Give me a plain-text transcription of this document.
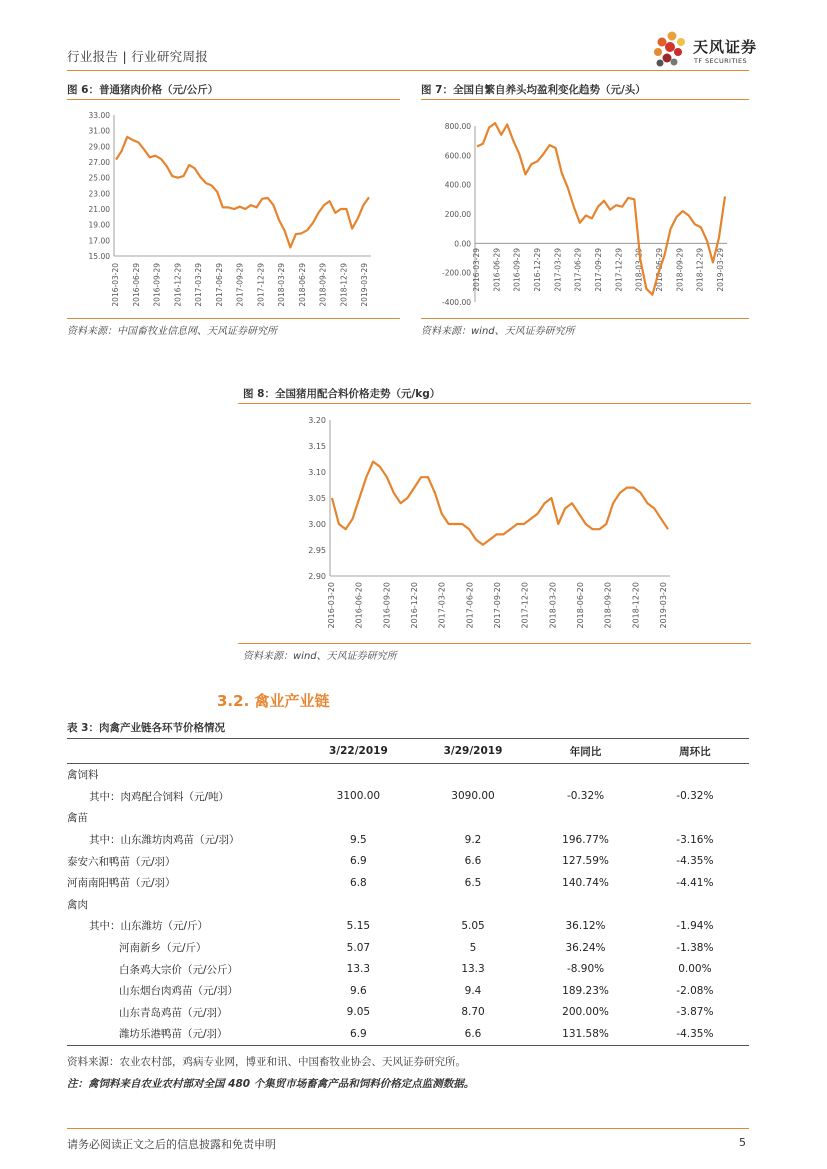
行业报告 | 行业研究周报
天风证券
TF SECURITIES
图 6：普通猪肉价格（元/公斤）
33.00
31.00
29.00
27.00
25.00
23.00
21.00
19.00
17.00
15.00
2016-03-20 2016-06-29 2016-09-29 2016-12-29 2017-03-29 2017-06-29 2017-09-29 2017-12-29 2018-03-29 2018-06-29 2018-09-29 2018-12-29 2019-03-29
资料来源：中国畜牧业信息网、天风证券研究所
图 7：全国自繁自养头均盈利变化趋势（元/头）
800.00
600.00
400.00
200.00
0.00
-200.00
-400.00
2016-03-29 2016-06-29 2016-09-29 2016-12-29 2017-03-29 2017-06-29 2017-09-29 2017-12-29 2018-03-29 2018-06-29 2018-09-29 2018-12-29 2019-03-29
资料来源：wind、天风证券研究所
图 8：全国猪用配合料价格走势（元/kg）
3.20
3.15
3.10
3.05
3.00
2.95
2.90
2016-03-20 2016-06-20 2016-09-20 2016-12-20 2017-03-20 2017-06-20 2017-09-20 2017-12-20 2018-03-20 2018-06-20 2018-09-20 2018-12-20 2019-03-20
资料来源：wind、天风证券研究所
3.2. 禽业产业链
表 3：肉禽产业链各环节价格情况
	3/22/2019	3/29/2019	年同比	周环比
禽饲料				
其中：肉鸡配合饲料（元/吨）	3100.00	3090.00	-0.32%	-0.32%
禽苗				
其中：山东潍坊肉鸡苗（元/羽）	9.5	9.2	196.77%	-3.16%
泰安六和鸭苗（元/羽）	6.9	6.6	127.59%	-4.35%
河南南阳鸭苗（元/羽）	6.8	6.5	140.74%	-4.41%
禽肉				
其中：山东潍坊（元/斤）	5.15	5.05	36.12%	-1.94%
河南新乡（元/斤）	5.07	5	36.24%	-1.38%
白条鸡大宗价（元/公斤）	13.3	13.3	-8.90%	0.00%
山东烟台肉鸡苗（元/羽）	9.6	9.4	189.23%	-2.08%
山东青岛鸡苗（元/羽）	9.05	8.70	200.00%	-3.87%
潍坊乐港鸭苗（元/羽）	6.9	6.6	131.58%	-4.35%
资料来源：农业农村部，鸡病专业网，博亚和讯、中国畜牧业协会、天风证券研究所。
注：禽饲料来自农业农村部对全国 480 个集贸市场畜禽产品和饲料价格定点监测数据。
请务必阅读正文之后的信息披露和免责申明	5
